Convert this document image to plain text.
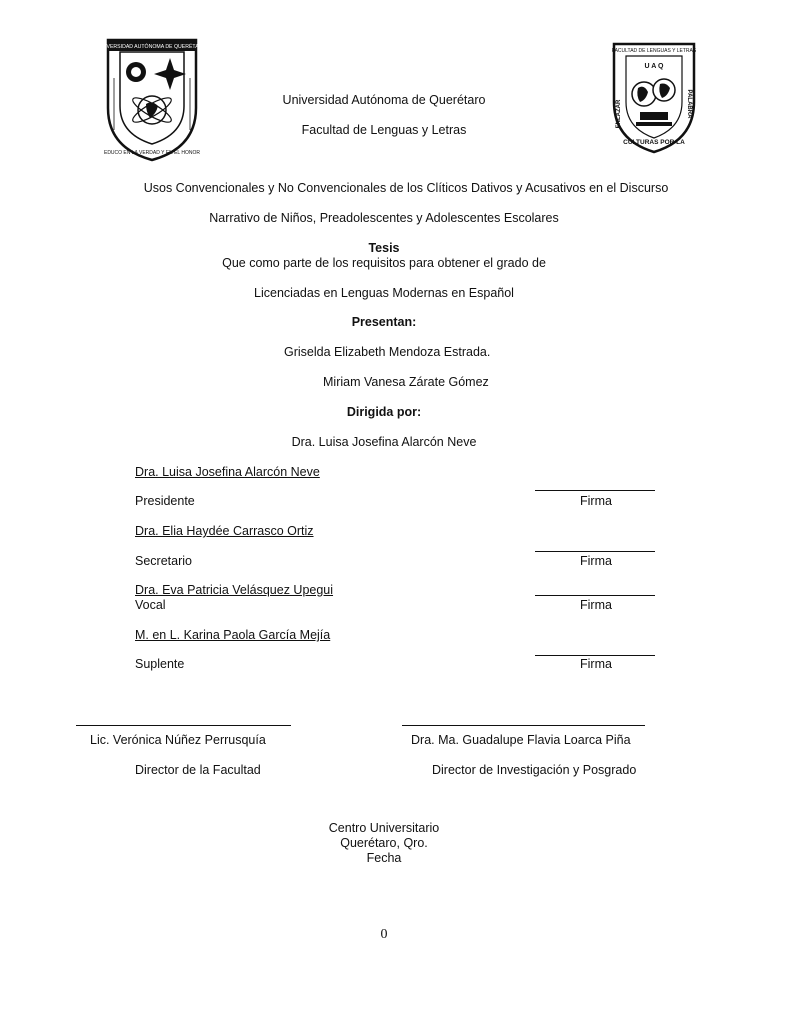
UNIVERSIDAD AUTÓNOMA DE QUERÉTARO
EDUCO EN LA VERDAD Y EN EL HONOR
FACULTAD DE LENGUAS Y LETRAS
U A Q
CULTURAS POR LA
ENLAZAR	PALABRA
Universidad Autónoma de Querétaro
Facultad de Lenguas y Letras
Usos Convencionales y No Convencionales de los Clíticos Dativos y Acusativos en el Discurso
Narrativo de Niños, Preadolescentes y Adolescentes Escolares
Tesis
Que como parte de los requisitos para obtener el grado de
Licenciadas en Lenguas Modernas en Español
Presentan:
Griselda Elizabeth Mendoza Estrada.
Miriam Vanesa Zárate Gómez
Dirigida por:
Dra. Luisa Josefina Alarcón Neve
Dra. Luisa Josefina Alarcón Neve
Presidente	Firma
Dra. Elia Haydée Carrasco Ortiz
Secretario	Firma
Dra. Eva Patricia Velásquez Upegui
Vocal	Firma
M. en L. Karina Paola García Mejía
Suplente	Firma
Lic. Verónica Núñez Perrusquía	Dra. Ma. Guadalupe Flavia Loarca Piña
Director de la Facultad	Director de Investigación y Posgrado
Centro Universitario
Querétaro, Qro.
Fecha
0
